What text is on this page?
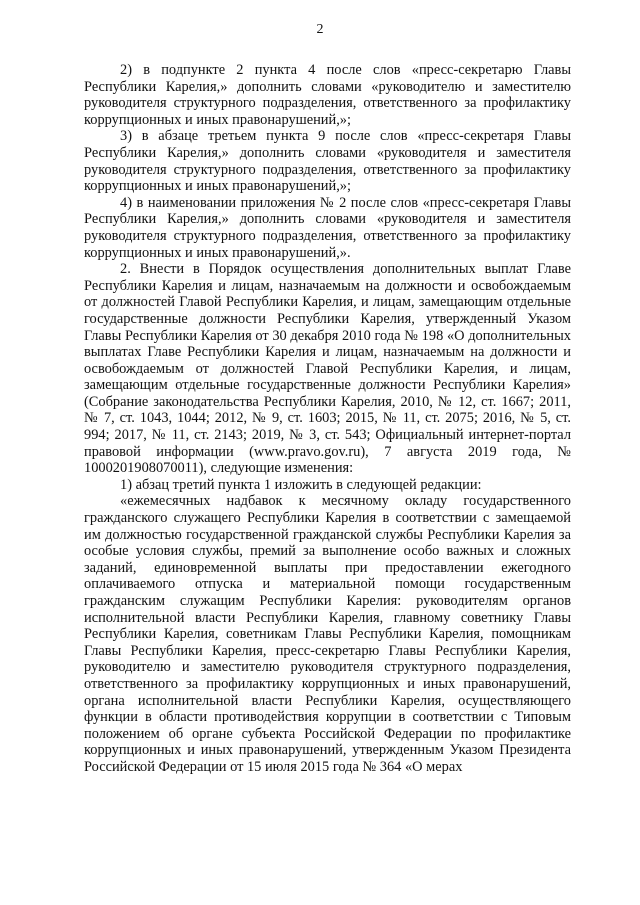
2

2) в подпункте 2 пункта 4 после слов «пресс-секретарю Главы Республики Карелия,» дополнить словами «руководителю и заместителю руководителя структурного подразделения, ответственного за профилактику коррупционных и иных правонарушений,»;

3) в абзаце третьем пункта 9 после слов «пресс-секретаря Главы Республики Карелия,» дополнить словами «руководителя и заместителя руководителя структурного подразделения, ответственного за профилактику коррупционных и иных правонарушений,»;

4) в наименовании приложения № 2 после слов «пресс-секретаря Главы Республики Карелия,» дополнить словами «руководителя и заместителя руководителя структурного подразделения, ответственного за профилактику коррупционных и иных правонарушений,».

2. Внести в Порядок осуществления дополнительных выплат Главе Республики Карелия и лицам, назначаемым на должности и освобождаемым от должностей Главой Республики Карелия, и лицам, замещающим отдельные государственные должности Республики Карелия, утвержденный Указом Главы Республики Карелия от 30 декабря 2010 года № 198 «О дополнительных выплатах Главе Республики Карелия и лицам, назначаемым на должности и освобождаемым от должностей Главой Республики Карелия, и лицам, замещающим отдельные государственные должности Республики Карелия» (Собрание законодательства Республики Карелия, 2010, № 12, ст. 1667; 2011, № 7, ст. 1043, 1044; 2012, № 9, ст. 1603; 2015, № 11, ст. 2075; 2016, № 5, ст. 994; 2017, № 11, ст. 2143; 2019, № 3, ст. 543; Официальный интернет-портал правовой информации (www.pravo.gov.ru), 7 августа 2019 года, № 1000201908070011), следующие изменения:

1) абзац третий пункта 1 изложить в следующей редакции:

«ежемесячных надбавок к месячному окладу государственного гражданского служащего Республики Карелия в соответствии с замещаемой им должностью государственной гражданской службы Республики Карелия за особые условия службы, премий за выполнение особо важных и сложных заданий, единовременной выплаты при предоставлении ежегодного оплачиваемого отпуска и материальной помощи государственным гражданским служащим Республики Карелия: руководителям органов исполнительной власти Республики Карелия, главному советнику Главы Республики Карелия, советникам Главы Республики Карелия, помощникам Главы Республики Карелия, пресс-секретарю Главы Республики Карелия, руководителю и заместителю руководителя структурного подразделения, ответственного за профилактику коррупционных и иных правонарушений, органа исполнительной власти Республики Карелия, осуществляющего функции в области противодействия коррупции в соответствии с Типовым положением об органе субъекта Российской Федерации по профилактике коррупционных и иных правонарушений, утвержденным Указом Президента Российской Федерации от 15 июля 2015 года № 364 «О мерах
